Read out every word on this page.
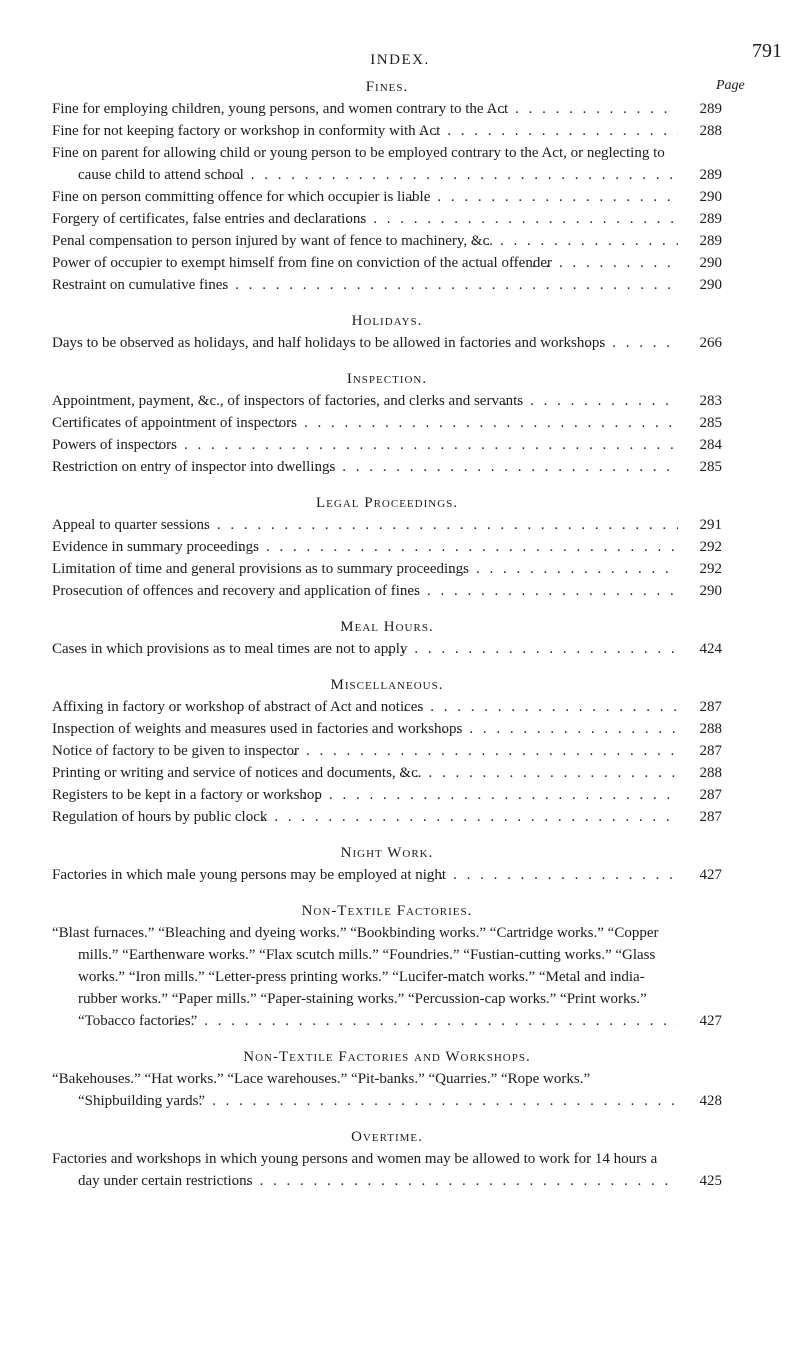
INDEX.	791
Page
Fines.
Fine for employing children, young persons, and women contrary to the Act . . .	289
Fine for not keeping factory or workshop in conformity with Act . . .	288
Fine on parent for allowing child or young person to be employed contrary to the Act, or neglecting to cause child to attend school . . .	289
Fine on person committing offence for which occupier is liable . . .	290
Forgery of certificates, false entries and declarations . . .	289
Penal compensation to person injured by want of fence to machinery, &c. . . .	289
Power of occupier to exempt himself from fine on conviction of the actual offender . . .	290
Restraint on cumulative fines . . .	290
Holidays.
Days to be observed as holidays, and half holidays to be allowed in factories and workshops . . .	266
Inspection.
Appointment, payment, &c., of inspectors of factories, and clerks and servants . . .	283
Certificates of appointment of inspectors . . .	285
Powers of inspectors . . .	284
Restriction on entry of inspector into dwellings . . .	285
Legal Proceedings.
Appeal to quarter sessions . . .	291
Evidence in summary proceedings . . .	292
Limitation of time and general provisions as to summary proceedings . . .	292
Prosecution of offences and recovery and application of fines . . .	290
Meal Hours.
Cases in which provisions as to meal times are not to apply . . .	424
Miscellaneous.
Affixing in factory or workshop of abstract of Act and notices . . .	287
Inspection of weights and measures used in factories and workshops . . .	288
Notice of factory to be given to inspector . . .	287
Printing or writing and service of notices and documents, &c. . . .	288
Registers to be kept in a factory or workshop . . .	287
Regulation of hours by public clock . . .	287
Night Work.
Factories in which male young persons may be employed at night . . .	427
Non-Textile Factories.
“Blast furnaces.” “Bleaching and dyeing works.” “Bookbinding works.” “Cartridge works.” “Copper mills.” “Earthenware works.” “Flax scutch mills.” “Foundries.” “Fustian-cutting works.” “Glass works.” “Iron mills.” “Letter-press printing works.” “Lucifer-match works.” “Metal and india-rubber works.” “Paper mills.” “Paper-staining works.” “Percussion-cap works.” “Print works.” “Tobacco factories” . . .	427
Non-Textile Factories and Workshops.
“Bakehouses.” “Hat works.” “Lace warehouses.” “Pit-banks.” “Quarries.” “Rope works.” “Shipbuilding yards” . . .	428
Overtime.
Factories and workshops in which young persons and women may be allowed to work for 14 hours a day under certain restrictions . . .	425
